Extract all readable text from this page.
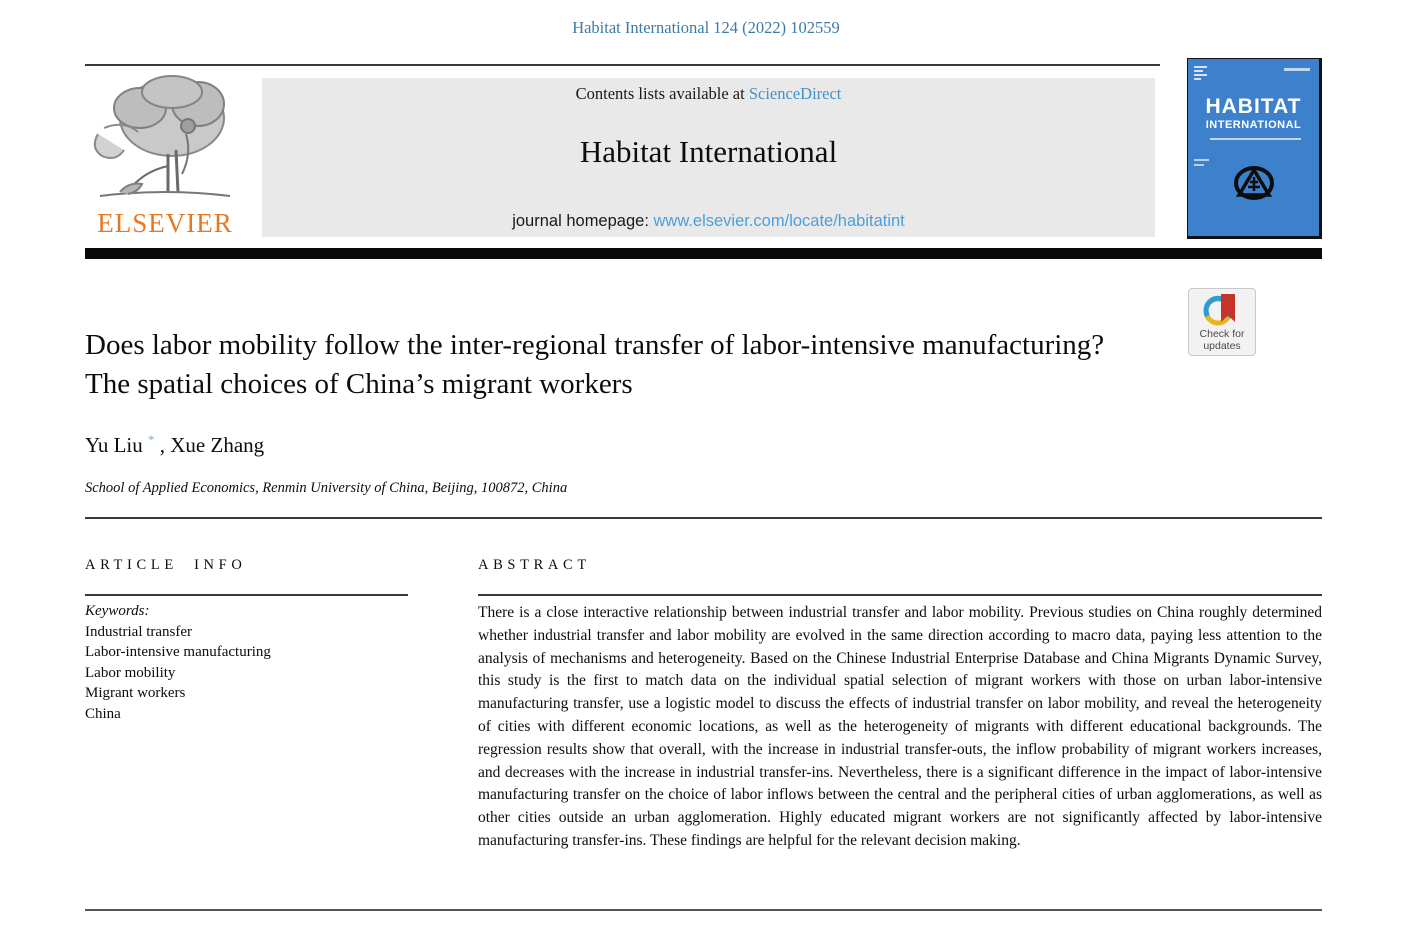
Habitat International 124 (2022) 102559
ELSEVIER
Contents lists available at ScienceDirect
Habitat International
journal homepage: www.elsevier.com/locate/habitatint
HABITAT
INTERNATIONAL
Check for
updates
Does labor mobility follow the inter-regional transfer of labor-intensive manufacturing? The spatial choices of China’s migrant workers
Yu Liu * , Xue Zhang
School of Applied Economics, Renmin University of China, Beijing, 100872, China
ARTICLE INFO	ABSTRACT
Keywords:
Industrial transfer
Labor-intensive manufacturing
Labor mobility
Migrant workers
China
There is a close interactive relationship between industrial transfer and labor mobility. Previous studies on China roughly determined whether industrial transfer and labor mobility are evolved in the same direction according to macro data, paying less attention to the analysis of mechanisms and heterogeneity. Based on the Chinese Industrial Enterprise Database and China Migrants Dynamic Survey, this study is the first to match data on the individual spatial selection of migrant workers with those on urban labor-intensive manufacturing transfer, use a logistic model to discuss the effects of industrial transfer on labor mobility, and reveal the heterogeneity of cities with different economic locations, as well as the heterogeneity of migrants with different educational backgrounds. The regression results show that overall, with the increase in industrial transfer-outs, the inflow probability of migrant workers increases, and decreases with the increase in industrial transfer-ins. Nevertheless, there is a significant difference in the impact of labor-intensive manufacturing transfer on the choice of labor inflows between the central and the peripheral cities of urban agglomerations, as well as other cities outside an urban agglomeration. Highly educated migrant workers are not significantly affected by labor-intensive manufacturing transfer-ins. These findings are helpful for the relevant decision making.
